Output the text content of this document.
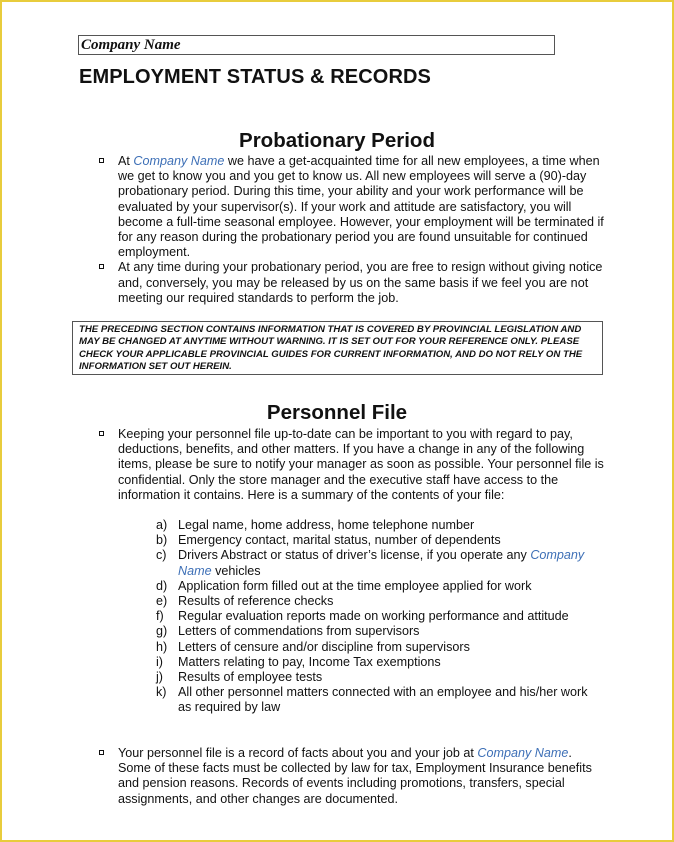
Company Name
EMPLOYMENT STATUS & RECORDS
Probationary Period
At Company Name we have a get-acquainted time for all new employees, a time when we get to know you and you get to know us. All new employees will serve a (90)-day probationary period. During this time, your ability and your work performance will be evaluated by your supervisor(s). If your work and attitude are satisfactory, you will become a full-time seasonal employee. However, your employment will be terminated if for any reason during the probationary period you are found unsuitable for continued employment.
At any time during your probationary period, you are free to resign without giving notice and, conversely, you may be released by us on the same basis if we feel you are not meeting our required standards to perform the job.
THE PRECEDING SECTION CONTAINS INFORMATION THAT IS COVERED BY PROVINCIAL LEGISLATION AND MAY BE CHANGED AT ANYTIME WITHOUT WARNING. IT IS SET OUT FOR YOUR REFERENCE ONLY. PLEASE CHECK YOUR APPLICABLE PROVINCIAL GUIDES FOR CURRENT INFORMATION, AND DO NOT RELY ON THE INFORMATION SET OUT HEREIN.
Personnel File
Keeping your personnel file up-to-date can be important to you with regard to pay, deductions, benefits, and other matters. If you have a change in any of the following items, please be sure to notify your manager as soon as possible. Your personnel file is confidential. Only the store manager and the executive staff have access to the information it contains. Here is a summary of the contents of your file:
a) Legal name, home address, home telephone number
b) Emergency contact, marital status, number of dependents
c) Drivers Abstract or status of driver’s license, if you operate any Company Name vehicles
d) Application form filled out at the time employee applied for work
e) Results of reference checks
f) Regular evaluation reports made on working performance and attitude
g) Letters of commendations from supervisors
h) Letters of censure and/or discipline from supervisors
i) Matters relating to pay, Income Tax exemptions
j) Results of employee tests
k) All other personnel matters connected with an employee and his/her work as required by law
Your personnel file is a record of facts about you and your job at Company Name. Some of these facts must be collected by law for tax, Employment Insurance benefits and pension reasons. Records of events including promotions, transfers, special assignments, and other changes are documented.
